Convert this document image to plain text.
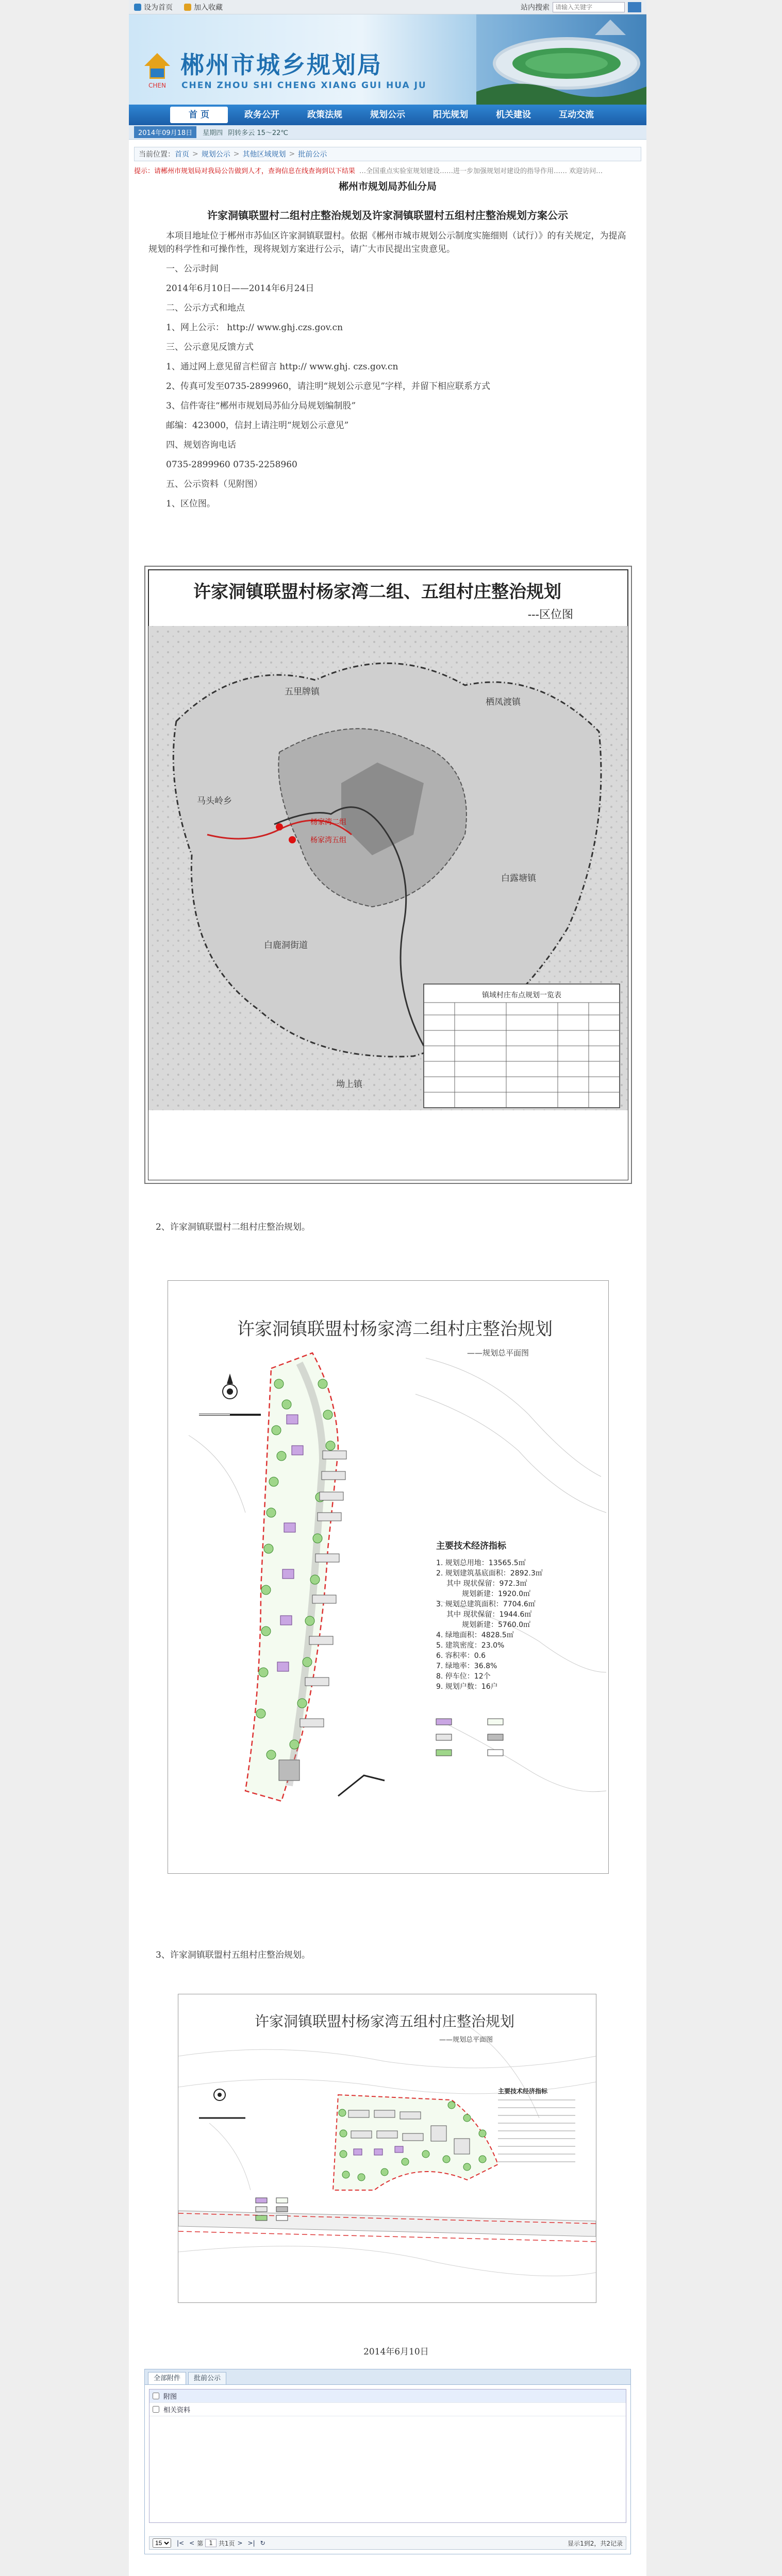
设为首页	加入收藏	站内搜索
请输入关键字
CHEN
郴州市城乡规划局
CHEN ZHOU SHI CHENG XIANG GUI HUA JU
首 页	政务公开	政策法规	规划公示	阳光规划	机关建设	互动交流
2014年09月18日	星期四 阴转多云 15～22℃
当前位置： 首页 > 规划公示 > 其他区域规划 > 批前公示
提示：请郴州市规划局对我局公告做到人才，查询信息在线查询到以下结果 …全国重点实验室规划建设……进一步加强规划对建设的指导作用…… 欢迎访问…
郴州市规划局苏仙分局
许家洞镇联盟村二组村庄整治规划及许家洞镇联盟村五组村庄整治规划方案公示
本项目地址位于郴州市苏仙区许家洞镇联盟村。依据《郴州市城市规划公示制度实施细则（试行）》的有关规定，为提高规划的科学性和可操作性，现将规划方案进行公示，请广大市民提出宝贵意见。
一、公示时间
2014年6月10日——2014年6月24日
二、公示方式和地点
1、网上公示： http:// www.ghj.czs.gov.cn
三、公示意见反馈方式
1、通过网上意见留言栏留言 http:// www.ghj. czs.gov.cn
2、传真可发至0735-2899960，请注明“规划公示意见”字样，并留下相应联系方式
3、信件寄往“郴州市规划局苏仙分局规划编制股”
邮编：423000，信封上请注明“规划公示意见”
四、规划咨询电话
0735-2899960 0735-2258960
五、公示资料（见附图）
1、区位图。
许家洞镇联盟村杨家湾二组、五组村庄整治规划
---区位图
杨家湾二组
杨家湾五组
五里牌镇
栖凤渡镇
马头岭乡
白露塘镇
白鹿洞街道
坳上镇
镇域村庄布点规划一览表
2、许家洞镇联盟村二组村庄整治规划。
许家洞镇联盟村杨家湾二组村庄整治规划
——规划总平面图
主要技术经济指标
1. 规划总用地：13565.5㎡
2. 规划建筑基底面积：2892.3㎡
其中 现状保留：972.3㎡
规划新建：1920.0㎡
3. 规划总建筑面积：7704.6㎡
其中 现状保留：1944.6㎡
规划新建：5760.0㎡
4. 绿地面积：4828.5㎡
5. 建筑密度：23.0%
6. 容积率：0.6
7. 绿地率：36.8%
8. 停车位：12个
9. 规划户数：16户
3、许家洞镇联盟村五组村庄整治规划。
许家洞镇联盟村杨家湾五组村庄整治规划
——规划总平面图
主要技术经济指标
2014年6月10日
全部附件	批前公示
附图
相关资料
15
|< < 第 1 共1页 > >| ↻	显示1到2，共2记录
